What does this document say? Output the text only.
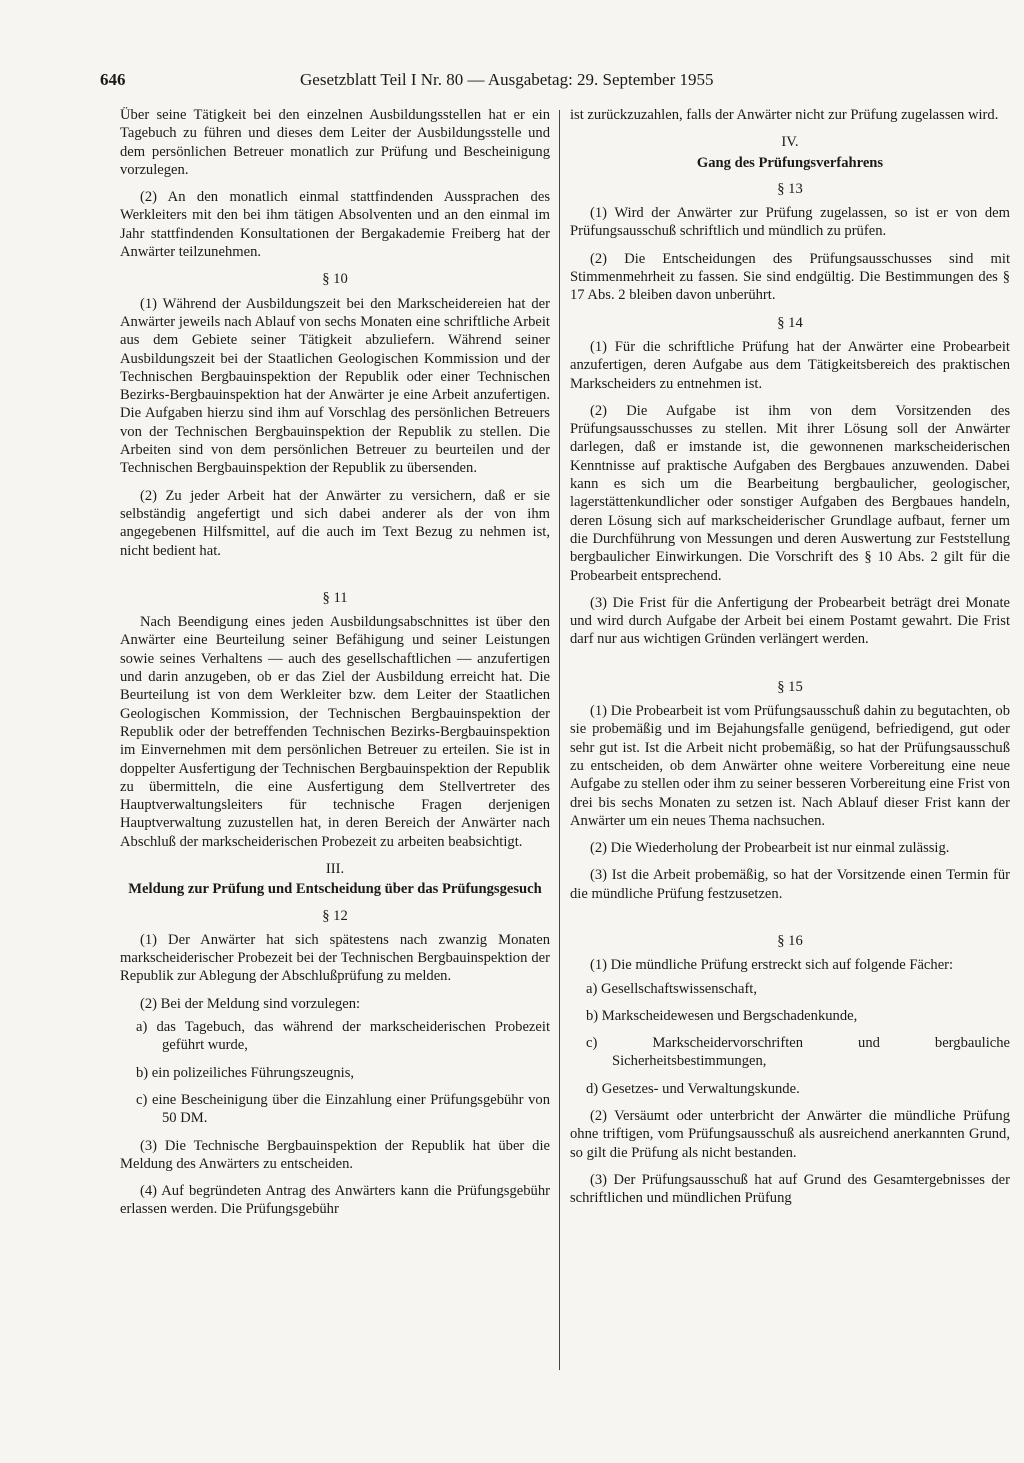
646	Gesetzblatt Teil I Nr. 80 — Ausgabetag: 29. September 1955

Über seine Tätigkeit bei den einzelnen Ausbildungsstellen hat er ein Tagebuch zu führen und dieses dem Leiter der Ausbildungsstelle und dem persönlichen Betreuer monatlich zur Prüfung und Bescheinigung vorzulegen.

(2) An den monatlich einmal stattfindenden Aussprachen des Werkleiters mit den bei ihm tätigen Absolventen und an den einmal im Jahr stattfindenden Konsultationen der Bergakademie Freiberg hat der Anwärter teilzunehmen.

§ 10

(1) Während der Ausbildungszeit bei den Markscheidereien hat der Anwärter jeweils nach Ablauf von sechs Monaten eine schriftliche Arbeit aus dem Gebiete seiner Tätigkeit abzuliefern. Während seiner Ausbildungszeit bei der Staatlichen Geologischen Kommission und der Technischen Bergbauinspektion der Republik oder einer Technischen Bezirks-Bergbauinspektion hat der Anwärter je eine Arbeit anzufertigen. Die Aufgaben hierzu sind ihm auf Vorschlag des persönlichen Betreuers von der Technischen Bergbauinspektion der Republik zu stellen. Die Arbeiten sind von dem persönlichen Betreuer zu beurteilen und der Technischen Bergbauinspektion der Republik zu übersenden.

(2) Zu jeder Arbeit hat der Anwärter zu versichern, daß er sie selbständig angefertigt und sich dabei anderer als der von ihm angegebenen Hilfsmittel, auf die auch im Text Bezug zu nehmen ist, nicht bedient hat.

§ 11

Nach Beendigung eines jeden Ausbildungsabschnittes ist über den Anwärter eine Beurteilung seiner Befähigung und seiner Leistungen sowie seines Verhaltens — auch des gesellschaftlichen — anzufertigen und darin anzugeben, ob er das Ziel der Ausbildung erreicht hat. Die Beurteilung ist von dem Werkleiter bzw. dem Leiter der Staatlichen Geologischen Kommission, der Technischen Bergbauinspektion der Republik oder der betreffenden Technischen Bezirks-Bergbauinspektion im Einvernehmen mit dem persönlichen Betreuer zu erteilen. Sie ist in doppelter Ausfertigung der Technischen Bergbauinspektion der Republik zu übermitteln, die eine Ausfertigung dem Stellvertreter des Hauptverwaltungsleiters für technische Fragen derjenigen Hauptverwaltung zuzustellen hat, in deren Bereich der Anwärter nach Abschluß der markscheiderischen Probezeit zu arbeiten beabsichtigt.

III.
Meldung zur Prüfung und Entscheidung über das Prüfungsgesuch
§ 12

(1) Der Anwärter hat sich spätestens nach zwanzig Monaten markscheiderischer Probezeit bei der Technischen Bergbauinspektion der Republik zur Ablegung der Abschlußprüfung zu melden.

(2) Bei der Meldung sind vorzulegen:

a) das Tagebuch, das während der markscheiderischen Probezeit geführt wurde,

b) ein polizeiliches Führungszeugnis,

c) eine Bescheinigung über die Einzahlung einer Prüfungsgebühr von 50 DM.

(3) Die Technische Bergbauinspektion der Republik hat über die Meldung des Anwärters zu entscheiden.

(4) Auf begründeten Antrag des Anwärters kann die Prüfungsgebühr erlassen werden. Die Prüfungsgebühr

ist zurückzuzahlen, falls der Anwärter nicht zur Prüfung zugelassen wird.

IV.
Gang des Prüfungsverfahrens
§ 13

(1) Wird der Anwärter zur Prüfung zugelassen, so ist er von dem Prüfungsausschuß schriftlich und mündlich zu prüfen.

(2) Die Entscheidungen des Prüfungsausschusses sind mit Stimmenmehrheit zu fassen. Sie sind endgültig. Die Bestimmungen des § 17 Abs. 2 bleiben davon unberührt.

§ 14

(1) Für die schriftliche Prüfung hat der Anwärter eine Probearbeit anzufertigen, deren Aufgabe aus dem Tätigkeitsbereich des praktischen Markscheiders zu entnehmen ist.

(2) Die Aufgabe ist ihm von dem Vorsitzenden des Prüfungsausschusses zu stellen. Mit ihrer Lösung soll der Anwärter darlegen, daß er imstande ist, die gewonnenen markscheiderischen Kenntnisse auf praktische Aufgaben des Bergbaues anzuwenden. Dabei kann es sich um die Bearbeitung bergbaulicher, geologischer, lagerstättenkundlicher oder sonstiger Aufgaben des Bergbaues handeln, deren Lösung sich auf markscheiderischer Grundlage aufbaut, ferner um die Durchführung von Messungen und deren Auswertung zur Feststellung bergbaulicher Einwirkungen. Die Vorschrift des § 10 Abs. 2 gilt für die Probearbeit entsprechend.

(3) Die Frist für die Anfertigung der Probearbeit beträgt drei Monate und wird durch Aufgabe der Arbeit bei einem Postamt gewahrt. Die Frist darf nur aus wichtigen Gründen verlängert werden.

§ 15

(1) Die Probearbeit ist vom Prüfungsausschuß dahin zu begutachten, ob sie probemäßig und im Bejahungsfalle genügend, befriedigend, gut oder sehr gut ist. Ist die Arbeit nicht probemäßig, so hat der Prüfungsausschuß zu entscheiden, ob dem Anwärter ohne weitere Vorbereitung eine neue Aufgabe zu stellen oder ihm zu seiner besseren Vorbereitung eine Frist von drei bis sechs Monaten zu setzen ist. Nach Ablauf dieser Frist kann der Anwärter um ein neues Thema nachsuchen.

(2) Die Wiederholung der Probearbeit ist nur einmal zulässig.

(3) Ist die Arbeit probemäßig, so hat der Vorsitzende einen Termin für die mündliche Prüfung festzusetzen.

§ 16

(1) Die mündliche Prüfung erstreckt sich auf folgende Fächer:

a) Gesellschaftswissenschaft,

b) Markscheidewesen und Bergschadenkunde,

c) Markscheidervorschriften und bergbauliche Sicherheitsbestimmungen,

d) Gesetzes- und Verwaltungskunde.

(2) Versäumt oder unterbricht der Anwärter die mündliche Prüfung ohne triftigen, vom Prüfungsausschuß als ausreichend anerkannten Grund, so gilt die Prüfung als nicht bestanden.

(3) Der Prüfungsausschuß hat auf Grund des Gesamtergebnisses der schriftlichen und mündlichen Prüfung
